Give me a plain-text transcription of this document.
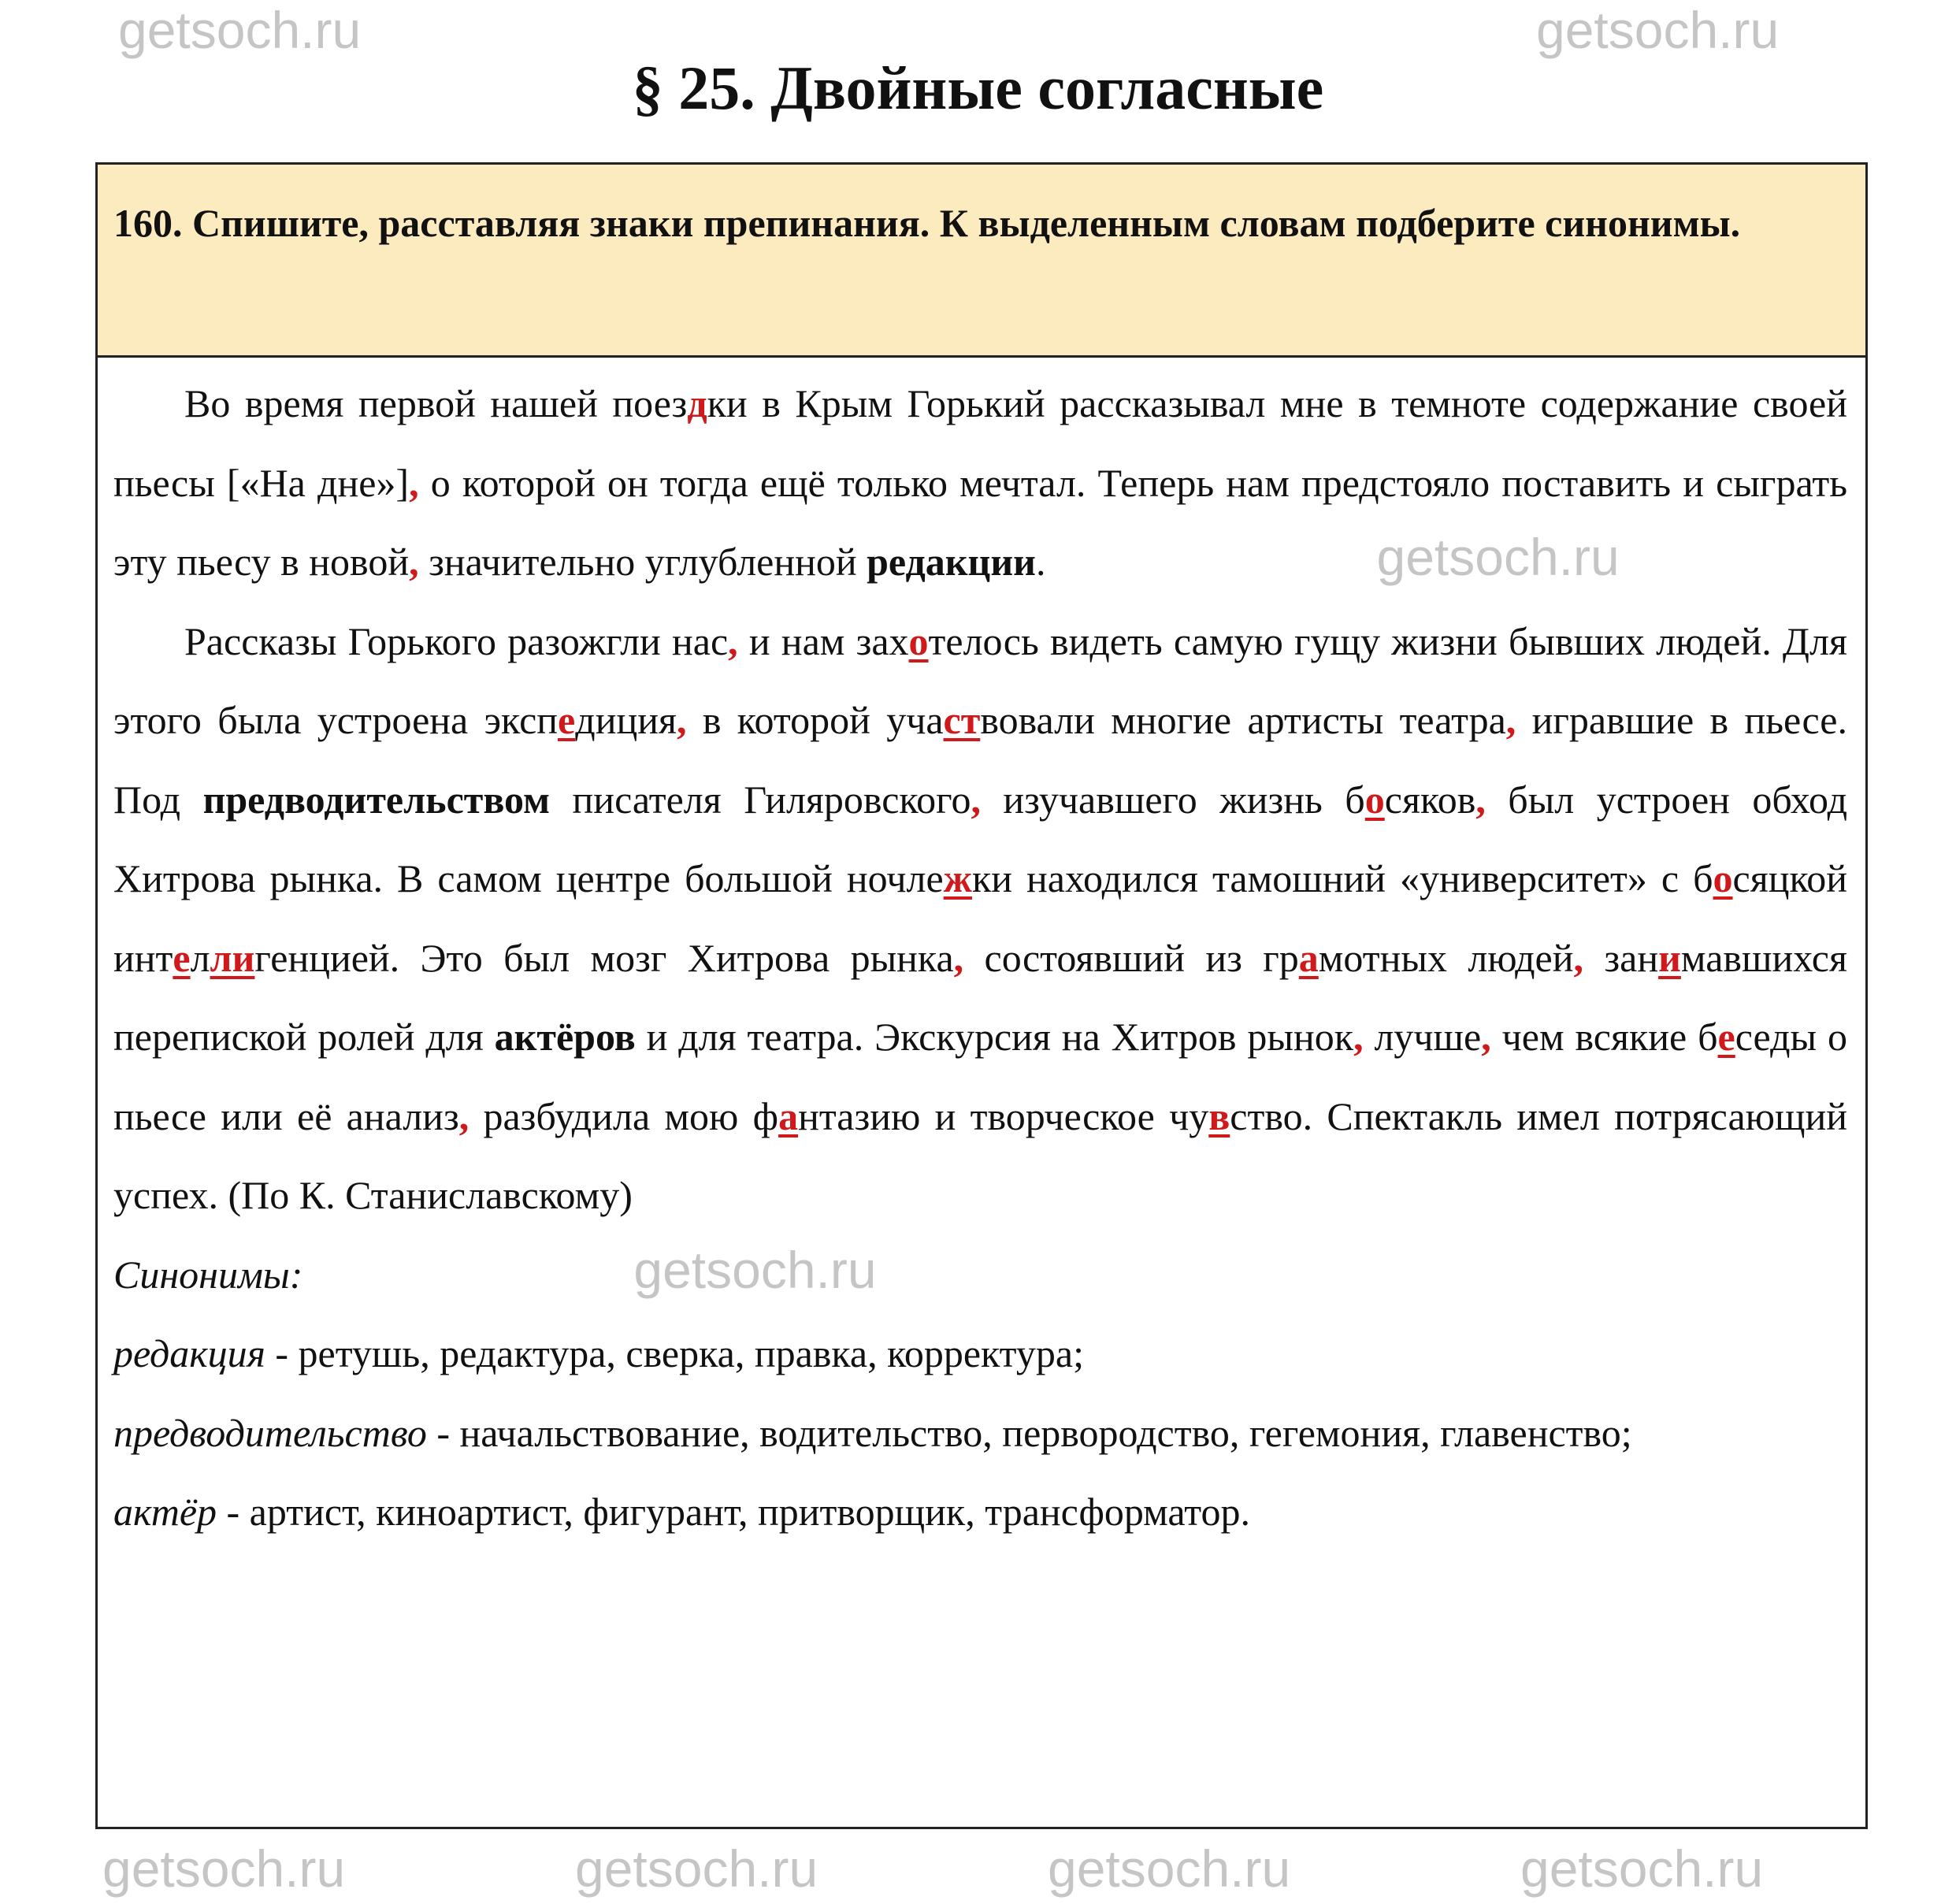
§ 25. Двойные согласные
160. Спишите, расставляя знаки препинания. К выделенным словам подберите синонимы.

Во время первой нашей поездки в Крым Горький рассказывал мне в темноте содержание своей пьесы [«На дне»], о которой он тогда ещё только мечтал. Теперь нам предстояло поставить и сыграть эту пьесу в новой, значительно углубленной редакции.	getsoch.ru

Рассказы Горького разожгли нас, и нам захотелось видеть самую гущу жизни бывших людей. Для этого была устроена экспедиция, в которой участвовали многие артисты театра, игравшие в пьесе. Под предводительством писателя Гиляровского, изучавшего жизнь босяков, был устроен обход Хитрова рынка. В самом центре большой ночлежки находился тамошний «университет» с босяцкой интеллигенцией. Это был мозг Хитрова рынка, состоявший из грамотных людей, занимавшихся перепиской ролей для актёров и для театра. Экскурсия на Хитров рынок, лучше, чем всякие беседы о пьесе или её анализ, разбудила мою фантазию и творческое чувство. Спектакль имел потрясающий успех. (По К. Станиславскому)

Синонимы:	getsoch.ru

редакция - ретушь, редактура, сверка, правка, корректура;

предводительство - начальствование, водительство, первородство, гегемония, главенство;

актёр - артист, киноартист, фигурант, притворщик, трансформатор.

getsoch.ru	getsoch.ru
getsoch.ru	getsoch.ru	getsoch.ru	getsoch.ru
